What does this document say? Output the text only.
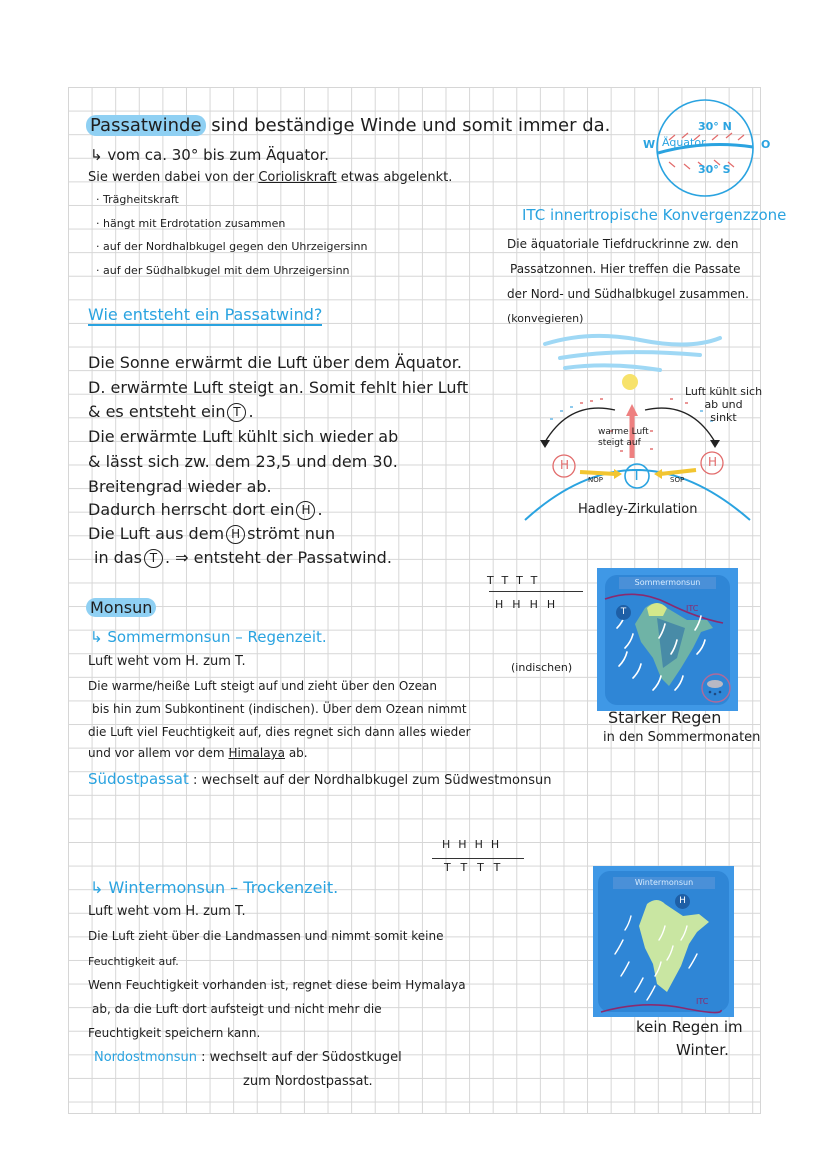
Passatwinde sind beständige Winde und somit immer da.
↳ vom ca. 30° bis zum Äquator.
Sie werden dabei von der Corioliskraft etwas abgelenkt.
· Trägheitskraft
· hängt mit Erdrotation zusammen
· auf der Nordhalbkugel gegen den Uhrzeigersinn
· auf der Südhalbkugel mit dem Uhrzeigersinn
W	O
Äquator
30° N
30° S
ITC innertropische Konvergenzzone
Die äquatoriale Tiefdruckrinne zw. den
Passatzonnen. Hier treffen die Passate
der Nord- und Südhalbkugel zusammen.
(konvegieren)
Wie entsteht ein Passatwind?
Die Sonne erwärmt die Luft über dem Äquator.
D. erwärmte Luft steigt an. Somit fehlt hier Luft
& es entsteht ein T .
Die erwärmte Luft kühlt sich wieder ab
& lässt sich zw. dem 23,5 und dem 30.
Breitengrad wieder ab.
Dadurch herrscht dort ein H .
Die Luft aus dem H strömt nun
in das T . ⇒ entsteht der Passatwind.
Luft kühlt sich
ab und
sinkt
warme Luft
steigt auf
H	H
T
NOP	SOP
Hadley-Zirkulation
TTTT
HHHH
Monsun
↳ Sommermonsun – Regenzeit.
Luft weht vom H. zum T.	(indischen)
Die warme/heiße Luft steigt auf und zieht über den Ozean
bis hin zum Subkontinent (indischen). Über dem Ozean nimmt
die Luft viel Feuchtigkeit auf, dies regnet sich dann alles wieder
und vor allem vor dem Himalaya ab.
Südostpassat : wechselt auf der Nordhalbkugel zum Südwestmonsun
Sommermonsun
T	ITC
Starker Regen
in den Sommermonaten
HHHH
TTTT
↳ Wintermonsun – Trockenzeit.
Luft weht vom H. zum T.
Die Luft zieht über die Landmassen und nimmt somit keine
Feuchtigkeit auf.
Wenn Feuchtigkeit vorhanden ist, regnet diese beim Hymalaya
ab, da die Luft dort aufsteigt und nicht mehr die
Feuchtigkeit speichern kann.
Nordostmonsun : wechselt auf der Südostkugel
zum Nordostpassat.
Wintermonsun
H
ITC
kein Regen im
Winter.
